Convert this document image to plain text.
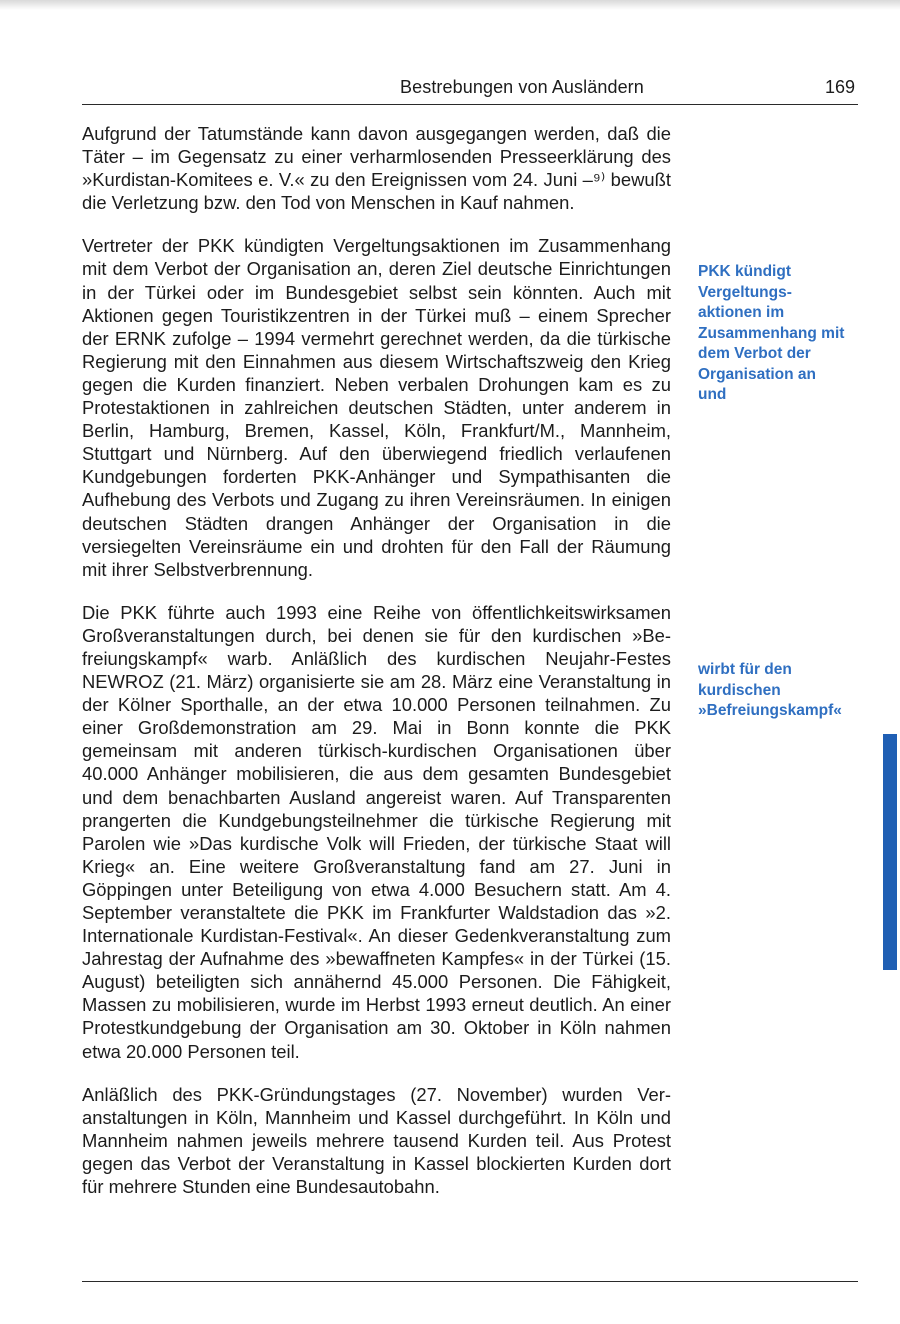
Bestrebungen von Ausländern	169

Aufgrund der Tatumstände kann davon ausgegangen werden, daß die Täter – im Gegensatz zu einer verharmlosenden Presseerklärung des »Kurdistan-Komitees e. V.« zu den Ereignissen vom 24. Juni –⁹⁾ bewußt die Verletzung bzw. den Tod von Menschen in Kauf nahmen.

Vertreter der PKK kündigten Vergeltungsaktionen im Zusammenhang mit dem Verbot der Organisation an, deren Ziel deutsche Einrichtungen in der Türkei oder im Bundesgebiet selbst sein könnten. Auch mit Aktionen gegen Touristikzentren in der Türkei muß – einem Sprecher der ERNK zufolge – 1994 vermehrt gerechnet werden, da die türkische Regierung mit den Einnahmen aus diesem Wirtschaftszweig den Krieg gegen die Kurden finanziert. Neben verbalen Drohungen kam es zu Protestaktionen in zahlreichen deutschen Städten, unter anderem in Berlin, Hamburg, Bremen, Kassel, Köln, Frankfurt/M., Mannheim, Stuttgart und Nürnberg. Auf den überwiegend friedlich verlaufenen Kundgebungen forderten PKK-Anhänger und Sympathisanten die Aufhebung des Verbots und Zugang zu ihren Vereinsräumen. In einigen deutschen Städten drangen Anhänger der Organisation in die versiegelten Vereinsräume ein und drohten für den Fall der Räumung mit ihrer Selbstverbrennung.

Die PKK führte auch 1993 eine Reihe von öffentlichkeitswirksamen Großveranstaltungen durch, bei denen sie für den kurdischen »Befreiungskampf« warb. Anläßlich des kurdischen Neujahr-Festes NEWROZ (21. März) organisierte sie am 28. März eine Veranstaltung in der Kölner Sporthalle, an der etwa 10.000 Personen teilnahmen. Zu einer Großdemonstration am 29. Mai in Bonn konnte die PKK gemeinsam mit anderen türkisch-kurdischen Organisationen über 40.000 Anhänger mobilisieren, die aus dem gesamten Bundesgebiet und dem benachbarten Ausland angereist waren. Auf Transparenten prangerten die Kundgebungsteilnehmer die türkische Regierung mit Parolen wie »Das kurdische Volk will Frieden, der türkische Staat will Krieg« an. Eine weitere Großveranstaltung fand am 27. Juni in Göppingen unter Beteiligung von etwa 4.000 Besuchern statt. Am 4. September veranstaltete die PKK im Frankfurter Waldstadion das »2. Internationale Kurdistan-Festival«. An dieser Gedenkveranstaltung zum Jahrestag der Aufnahme des »bewaffneten Kampfes« in der Türkei (15. August) beteiligten sich annähernd 45.000 Personen. Die Fähigkeit, Massen zu mobilisieren, wurde im Herbst 1993 erneut deutlich. An einer Protestkundgebung der Organisation am 30. Oktober in Köln nahmen etwa 20.000 Personen teil.

Anläßlich des PKK-Gründungstages (27. November) wurden Veranstaltungen in Köln, Mannheim und Kassel durchgeführt. In Köln und Mannheim nahmen jeweils mehrere tausend Kurden teil. Aus Protest gegen das Verbot der Veranstaltung in Kassel blockierten Kurden dort für mehrere Stunden eine Bundesautobahn.

PKK kündigt Vergeltungsaktionen im Zusammenhang mit dem Verbot der Organisation an und
wirbt für den kurdischen »Befreiungskampf«
